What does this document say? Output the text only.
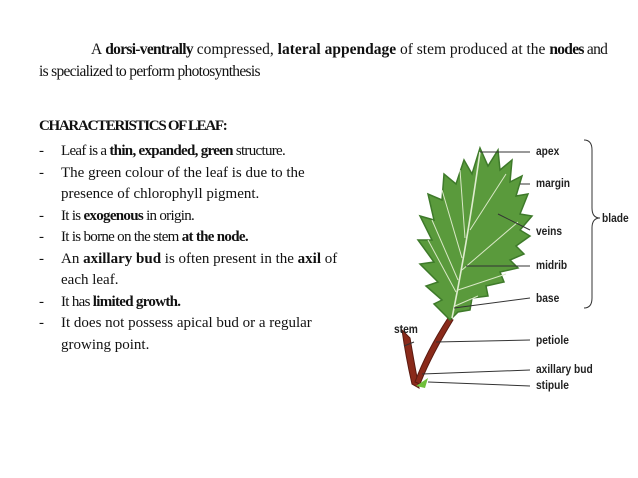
A dorsi-ventrally compressed, lateral appendage of stem produced at the nodes and is specialized to perform photosynthesis
CHARACTERISTICS OF LEAF:
- Leaf is a thin, expanded, green structure.
- The green colour of the leaf is due to the presence of chlorophyll pigment.
- It is exogenous in origin.
- It is borne on the stem at the node.
- An axillary bud is often present in the axil of each leaf.
- It has limited growth.
- It does not possess apical bud or a regular growing point.
apex
margin
veins
midrib
base
petiole
axillary bud
stipule
blade
stem
